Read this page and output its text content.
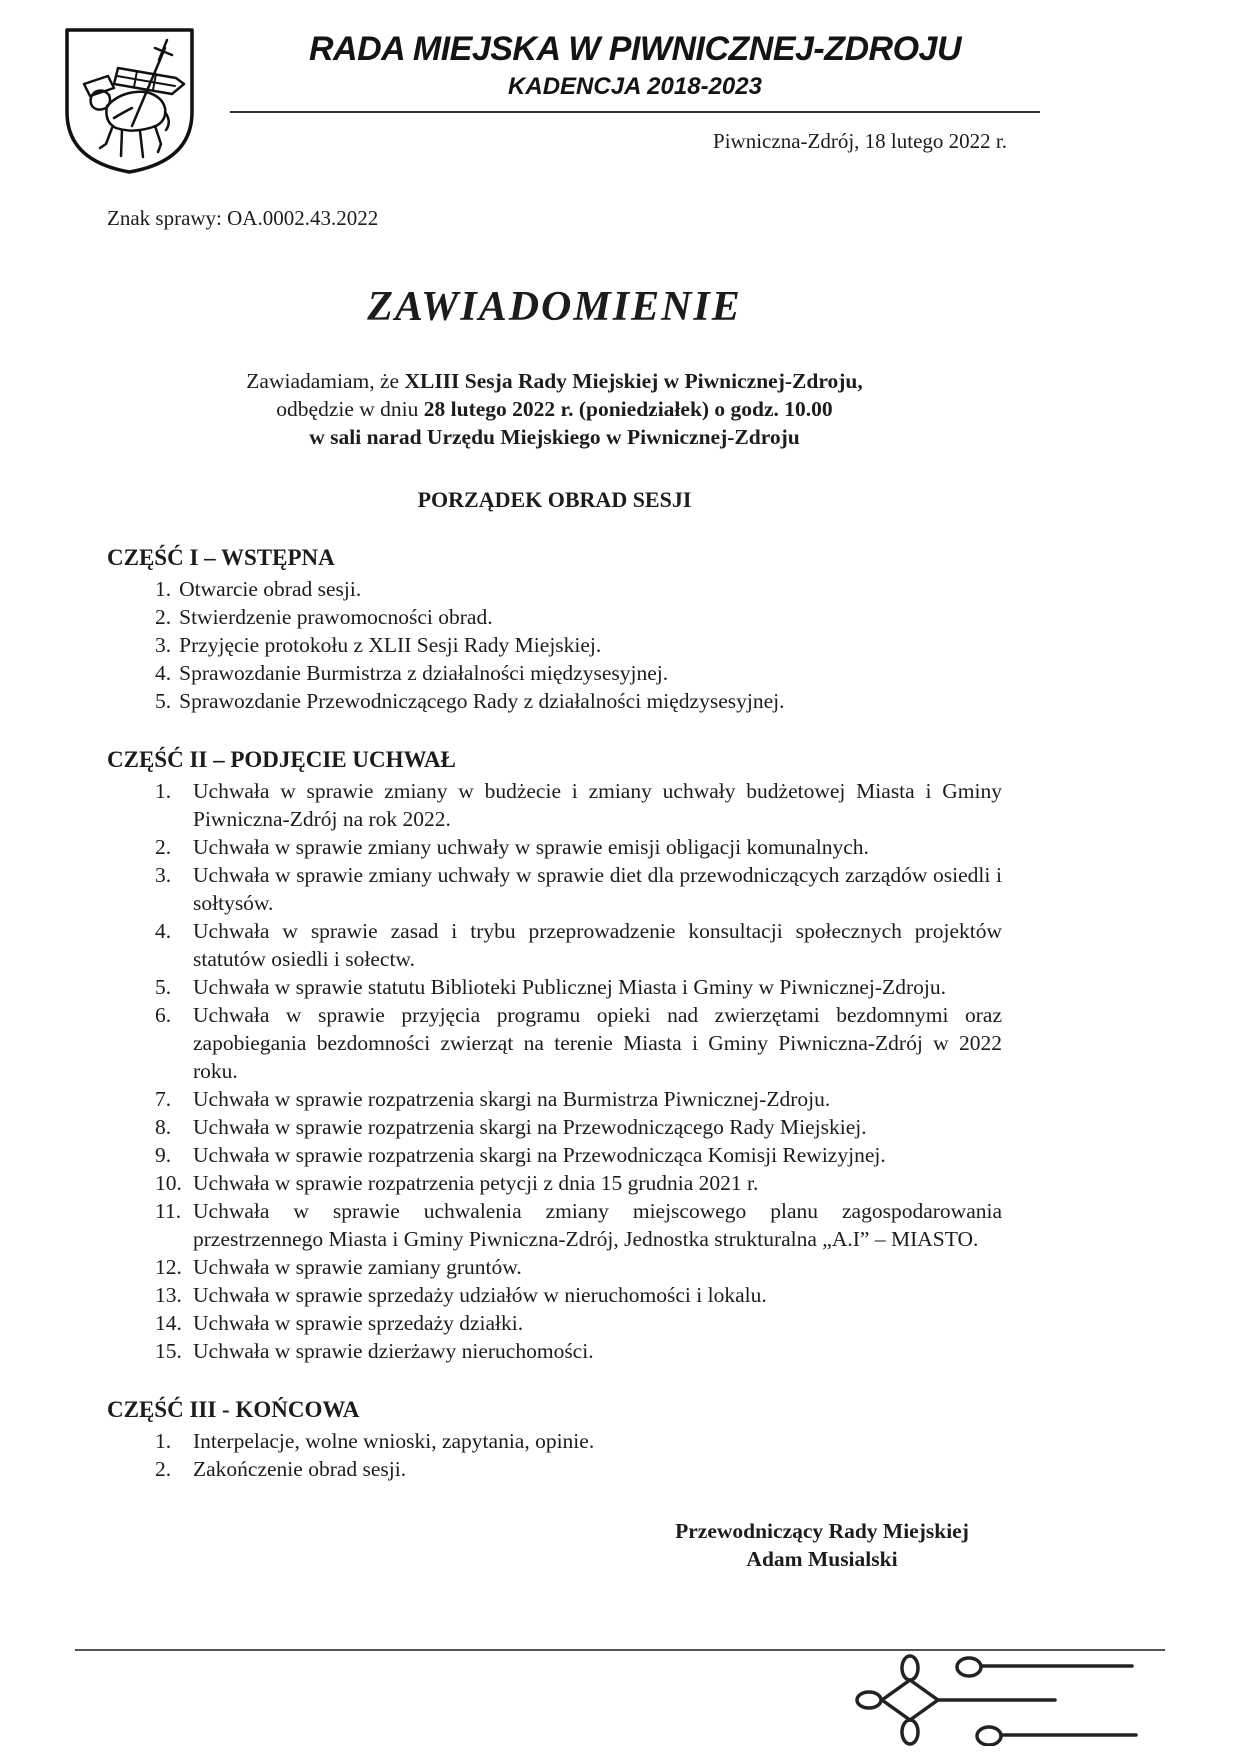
RADA MIEJSKA W PIWNICZNEJ-ZDROJU
KADENCJA 2018-2023
Piwniczna-Zdrój, 18 lutego 2022 r.
Znak sprawy: OA.0002.43.2022
ZAWIADOMIENIE
Zawiadamiam, że XLIII Sesja Rady Miejskiej w Piwnicznej-Zdroju,
odbędzie w dniu 28 lutego 2022 r. (poniedziałek) o godz. 10.00
w sali narad Urzędu Miejskiego w Piwnicznej-Zdroju
PORZĄDEK OBRAD SESJI
CZĘŚĆ I – WSTĘPNA
1. Otwarcie obrad sesji.
2. Stwierdzenie prawomocności obrad.
3. Przyjęcie protokołu z XLII Sesji Rady Miejskiej.
4. Sprawozdanie Burmistrza z działalności międzysesyjnej.
5. Sprawozdanie Przewodniczącego Rady z działalności międzysesyjnej.
CZĘŚĆ II – PODJĘCIE UCHWAŁ
1.	Uchwała w sprawie zmiany w budżecie i zmiany uchwały budżetowej Miasta i Gminy Piwniczna-Zdrój na rok 2022.
2.	Uchwała w sprawie zmiany uchwały w sprawie emisji obligacji komunalnych.
3.	Uchwała w sprawie zmiany uchwały w sprawie diet dla przewodniczących zarządów osiedli i sołtysów.
4.	Uchwała w sprawie zasad i trybu przeprowadzenie konsultacji społecznych projektów statutów osiedli i sołectw.
5.	Uchwała w sprawie statutu Biblioteki Publicznej Miasta i Gminy w Piwnicznej-Zdroju.
6.	Uchwała w sprawie przyjęcia programu opieki nad zwierzętami bezdomnymi oraz zapobiegania bezdomności zwierząt na terenie Miasta i Gminy Piwniczna-Zdrój w 2022 roku.
7.	Uchwała w sprawie rozpatrzenia skargi na Burmistrza Piwnicznej-Zdroju.
8.	Uchwała w sprawie rozpatrzenia skargi na Przewodniczącego Rady Miejskiej.
9.	Uchwała w sprawie rozpatrzenia skargi na Przewodnicząca Komisji Rewizyjnej.
10. Uchwała w sprawie rozpatrzenia petycji z dnia 15 grudnia 2021 r.
11. Uchwała w sprawie uchwalenia zmiany miejscowego planu zagospodarowania przestrzennego Miasta i Gminy Piwniczna-Zdrój, Jednostka strukturalna „A.I” – MIASTO.
12. Uchwała w sprawie zamiany gruntów.
13. Uchwała w sprawie sprzedaży udziałów w nieruchomości i lokalu.
14. Uchwała w sprawie sprzedaży działki.
15. Uchwała w sprawie dzierżawy nieruchomości.
CZĘŚĆ III - KOŃCOWA
1.	Interpelacje, wolne wnioski, zapytania, opinie.
2.	Zakończenie obrad sesji.
Przewodniczący Rady Miejskiej
Adam Musialski
